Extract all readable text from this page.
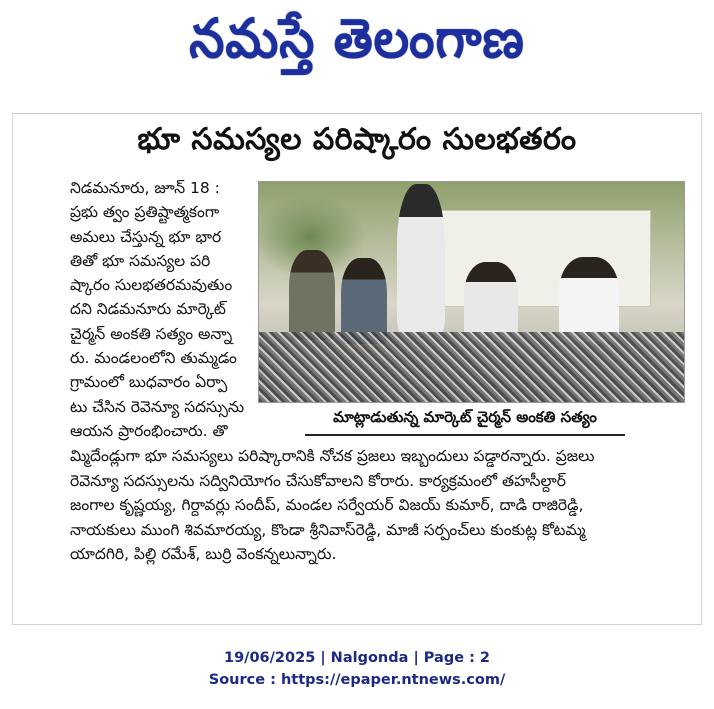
నమస్తే తెలంగాణ
భూ సమస్యల పరిష్కారం సులభతరం
నిడమనూరు, జూన్ 18 :
ప్రభు త్వం ప్రతిష్టాత్మకంగా
అమలు చేస్తున్న భూ భార
తితో భూ సమస్యల పరి
ష్కారం సులభతరమవుతుం
దని నిడమనూరు మార్కెట్
చైర్మన్ అంకతి సత్యం అన్నా
రు. మండలంలోని తుమ్మడం
గ్రామంలో బుధవారం ఏర్పా
టు చేసిన రెవెన్యూ సదస్సును
ఆయన ప్రారంభించారు. తొ
మాట్లాడుతున్న మార్కెట్ చైర్మన్ అంకతి సత్యం
మ్మిదేండ్లుగా భూ సమస్యలు పరిష్కారానికి నోచక ప్రజలు ఇబ్బందులు పడ్డారన్నారు. ప్రజలు
రెవెన్యూ సదస్సులను సద్వినియోగం చేసుకోవాలని కోరారు. కార్యక్రమంలో తహసీల్దార్
జంగాల కృష్ణయ్య, గిర్దావర్లు సందీప్, మండల సర్వేయర్ విజయ్ కుమార్, దాడి రాజిరెడ్డి,
నాయకులు ముంగి శివమారయ్య, కొండా శ్రీనివాస్‌రెడ్డి, మాజీ సర్పంచ్‌లు కుంకుట్ల కోటమ్మ
యాదగిరి, పిల్లి రమేశ్, బుర్రి వెంకన్నలున్నారు.
19/06/2025 | Nalgonda | Page : 2
Source : https://epaper.ntnews.com/
